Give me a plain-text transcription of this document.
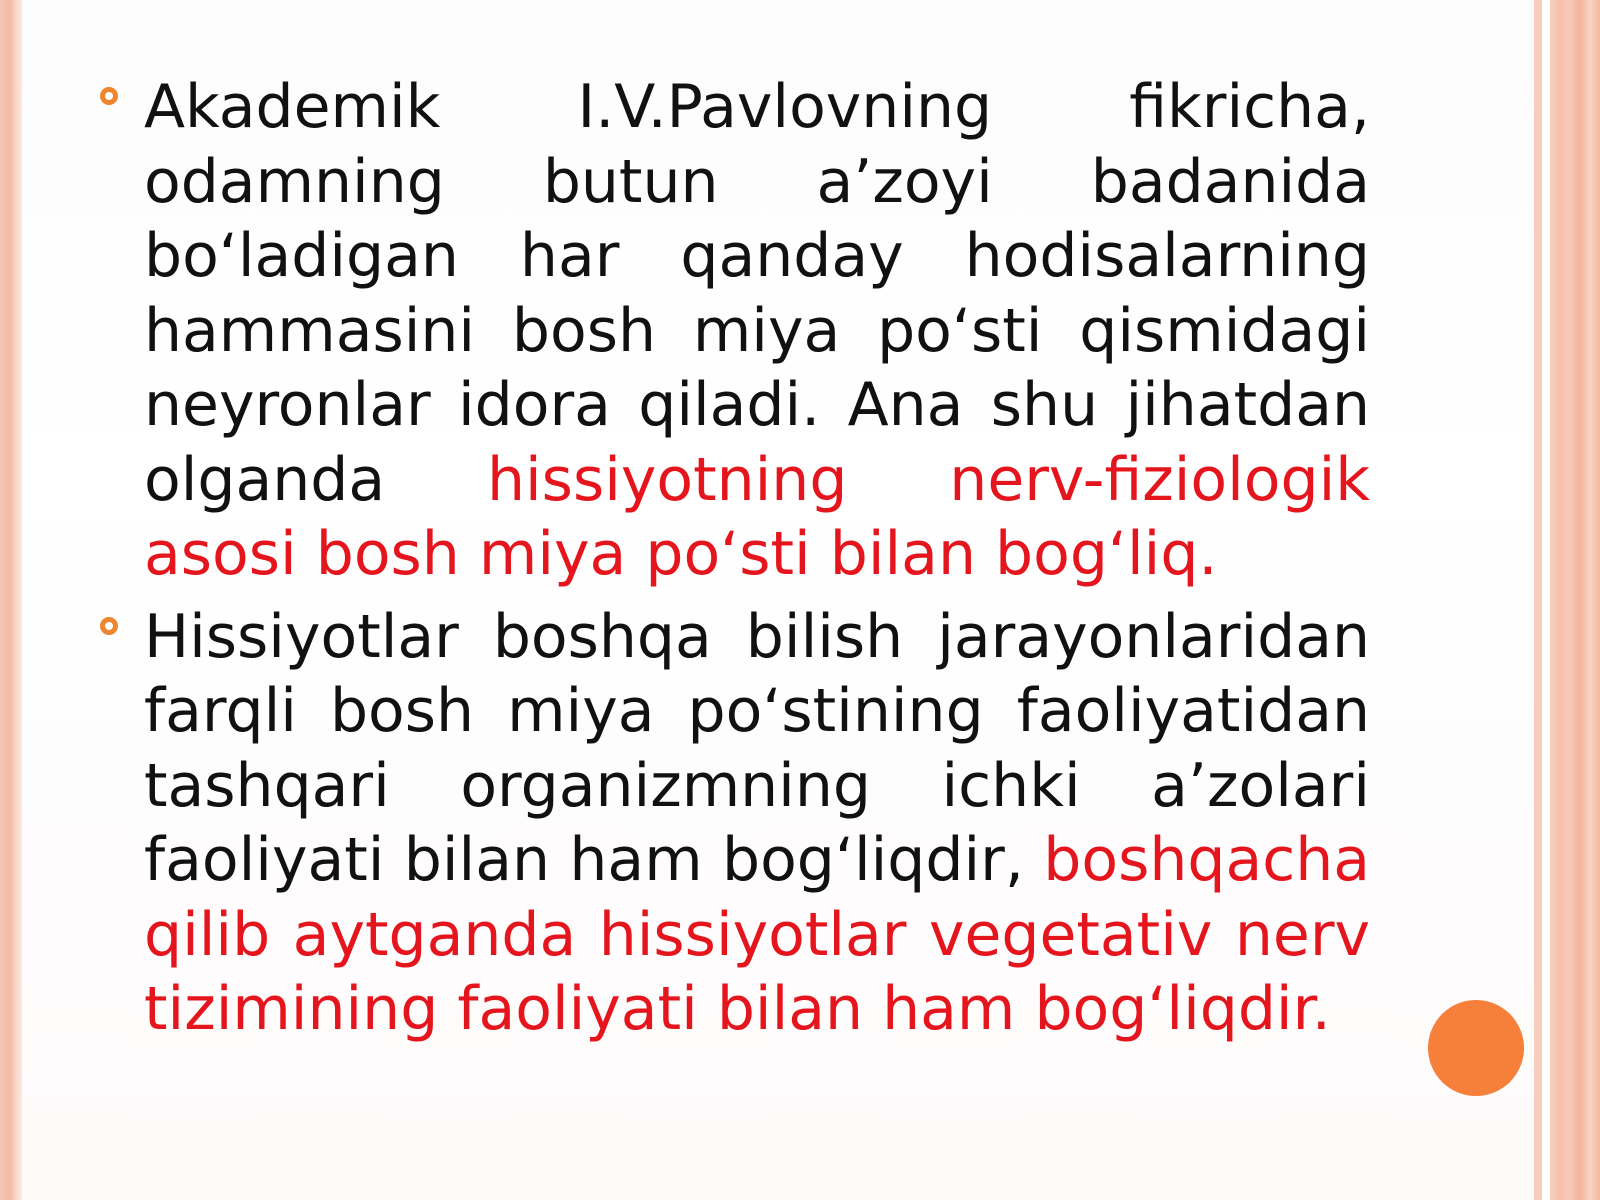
Akademik I.V.Pavlovning fikricha, odamning butun a’zoyi badanida bo‘ladigan har qanday hodisalarning hammasini bosh miya po‘sti qismidagi neyronlar idora qiladi. Ana shu jihatdan olganda hissiyotning nerv-fiziologik asosi bosh miya po‘sti bilan bog‘liq.

Hissiyotlar boshqa bilish jarayonlaridan farqli bosh miya po‘stining faoliyatidan tashqari organizmning ichki a’zolari faoliyati bilan ham bog‘liqdir, boshqacha qilib aytganda hissiyotlar vegetativ nerv tizimining faoliyati bilan ham bog‘liqdir.
